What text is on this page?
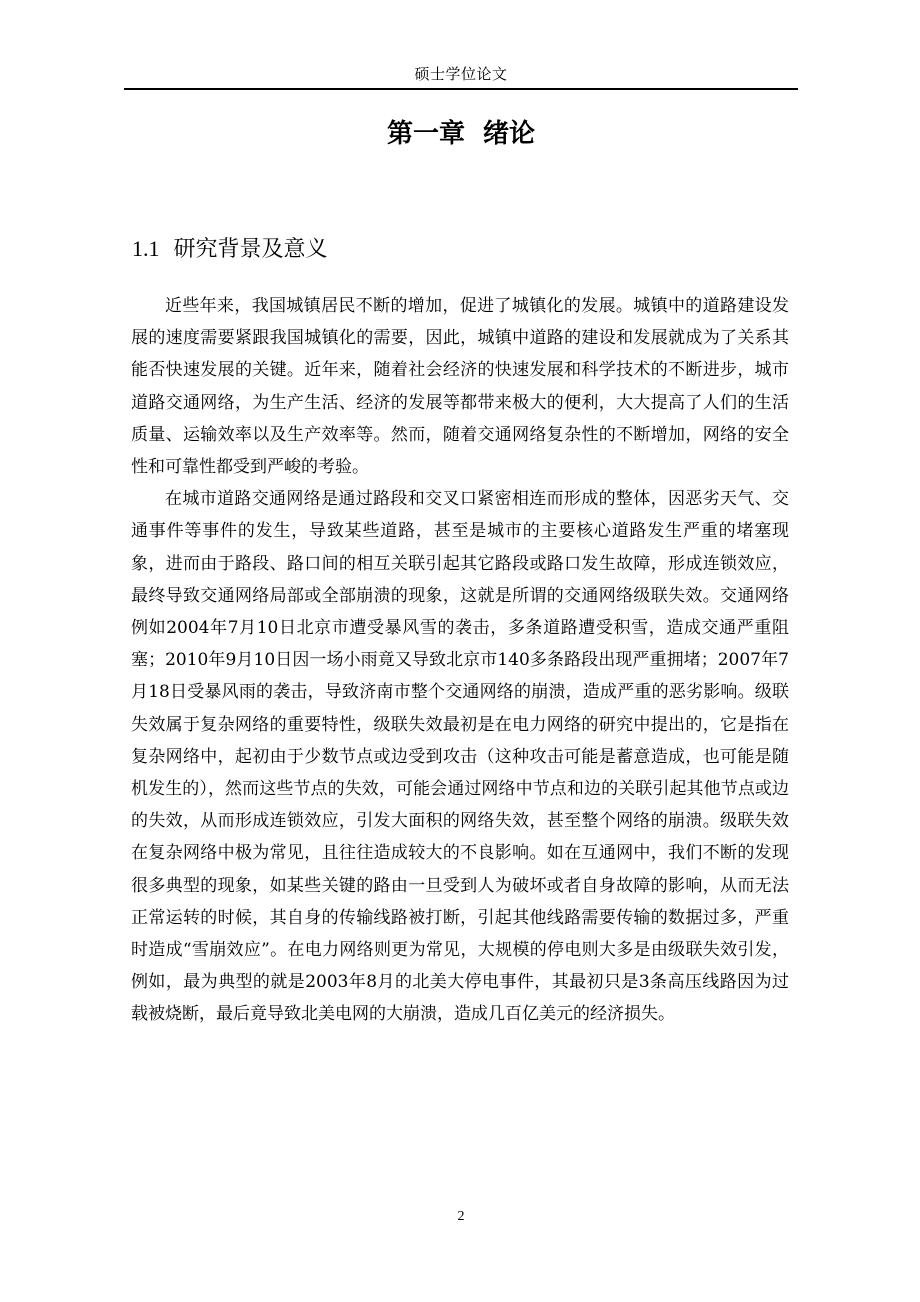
硕士学位论文
第一章  绪论
1.1 研究背景及意义

近些年来，我国城镇居民不断的增加，促进了城镇化的发展。城镇中的道路建设发展的速度需要紧跟我国城镇化的需要，因此，城镇中道路的建设和发展就成为了关系其能否快速发展的关键。近年来，随着社会经济的快速发展和科学技术的不断进步，城市道路交通网络，为生产生活、经济的发展等都带来极大的便利，大大提高了人们的生活质量、运输效率以及生产效率等。然而，随着交通网络复杂性的不断增加，网络的安全性和可靠性都受到严峻的考验。

在城市道路交通网络是通过路段和交叉口紧密相连而形成的整体，因恶劣天气、交通事件等事件的发生，导致某些道路，甚至是城市的主要核心道路发生严重的堵塞现象，进而由于路段、路口间的相互关联引起其它路段或路口发生故障，形成连锁效应，最终导致交通网络局部或全部崩溃的现象，这就是所谓的交通网络级联失效。交通网络例如2004年7月10日北京市遭受暴风雪的袭击，多条道路遭受积雪，造成交通严重阻塞；2010年9月10日因一场小雨竟又导致北京市140多条路段出现严重拥堵；2007年7月18日受暴风雨的袭击，导致济南市整个交通网络的崩溃，造成严重的恶劣影响。级联失效属于复杂网络的重要特性，级联失效最初是在电力网络的研究中提出的，它是指在复杂网络中，起初由于少数节点或边受到攻击（这种攻击可能是蓄意造成，也可能是随机发生的），然而这些节点的失效，可能会通过网络中节点和边的关联引起其他节点或边的失效，从而形成连锁效应，引发大面积的网络失效，甚至整个网络的崩溃。级联失效在复杂网络中极为常见，且往往造成较大的不良影响。如在互通网中，我们不断的发现很多典型的现象，如某些关键的路由一旦受到人为破坏或者自身故障的影响，从而无法正常运转的时候，其自身的传输线路被打断，引起其他线路需要传输的数据过多，严重时造成“雪崩效应”。在电力网络则更为常见，大规模的停电则大多是由级联失效引发，例如，最为典型的就是2003年8月的北美大停电事件，其最初只是3条高压线路因为过载被烧断，最后竟导致北美电网的大崩溃，造成几百亿美元的经济损失。

2
